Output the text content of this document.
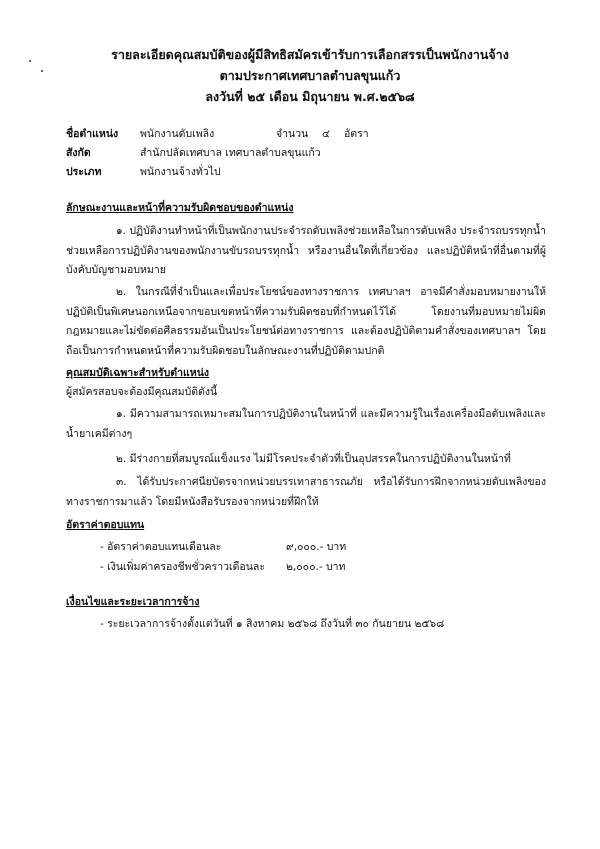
รายละเอียดคุณสมบัติของผู้มีสิทธิสมัครเข้ารับการเลือกสรรเป็นพนักงานจ้าง
ตามประกาศเทศบาลตำบลขุนแก้ว
ลงวันที่ ๒๕ เดือน มิถุนายน พ.ศ.๒๕๖๘
ชื่อตำแหน่ง พนักงานดับเพลิง	จำนวน ๔ อัตรา
สังกัด	สำนักปลัดเทศบาล เทศบาลตำบลขุนแก้ว
ประเภท	พนักงานจ้างทั่วไป
ลักษณะงานและหน้าที่ความรับผิดชอบของตำแหน่ง
๑. ปฏิบัติงานทำหน้าที่เป็นพนักงานประจำรถดับเพลิงช่วยเหลือในการดับเพลิง ประจำรถบรรทุกน้ำช่วยเหลือการปฏิบัติงานของพนักงานขับรถบรรทุกน้ำ หรืองานอื่นใดที่เกี่ยวข้อง และปฏิบัติหน้าที่อื่นตามที่ผู้บังคับบัญชามอบหมาย
๒. ในกรณีที่จำเป็นและเพื่อประโยชน์ของทางราชการ เทศบาลฯ อาจมีคำสั่งมอบหมายงานให้ปฏิบัติเป็นพิเศษนอกเหนือจากขอบเขตหน้าที่ความรับผิดชอบที่กำหนดไว้ได้ โดยงานที่มอบหมายไม่ผิดกฎหมายและไม่ขัดต่อศีลธรรมอันเป็นประโยชน์ต่อทางราชการ และต้องปฏิบัติตามคำสั่งของเทศบาลฯ โดยถือเป็นการกำหนดหน้าที่ความรับผิดชอบในลักษณะงานที่ปฏิบัติตามปกติ
คุณสมบัติเฉพาะสำหรับตำแหน่ง
ผู้สมัครสอบจะต้องมีคุณสมบัติดังนี้
๑. มีความสามารถเหมาะสมในการปฏิบัติงานในหน้าที่ และมีความรู้ในเรื่องเครื่องมือดับเพลิงและน้ำยาเคมีต่างๆ
๒. มีร่างกายที่สมบูรณ์แข็งแรง ไม่มีโรคประจำตัวที่เป็นอุปสรรคในการปฏิบัติงานในหน้าที่
๓. ได้รับประกาศนียบัตรจากหน่วยบรรเทาสาธารณภัย หรือได้รับการฝึกจากหน่วยดับเพลิงของทางราชการมาแล้ว โดยมีหนังสือรับรองจากหน่วยที่ฝึกให้
อัตราค่าตอบแทน
- อัตราค่าตอบแทนเดือนละ	๙,๐๐๐.- บาท
- เงินเพิ่มค่าครองชีพชั่วคราวเดือนละ ๒,๐๐๐.- บาท
เงื่อนไขและระยะเวลาการจ้าง
- ระยะเวลาการจ้างตั้งแต่วันที่ ๑ สิงหาคม ๒๕๖๘ ถึงวันที่ ๓๐ กันยายน ๒๕๖๘
